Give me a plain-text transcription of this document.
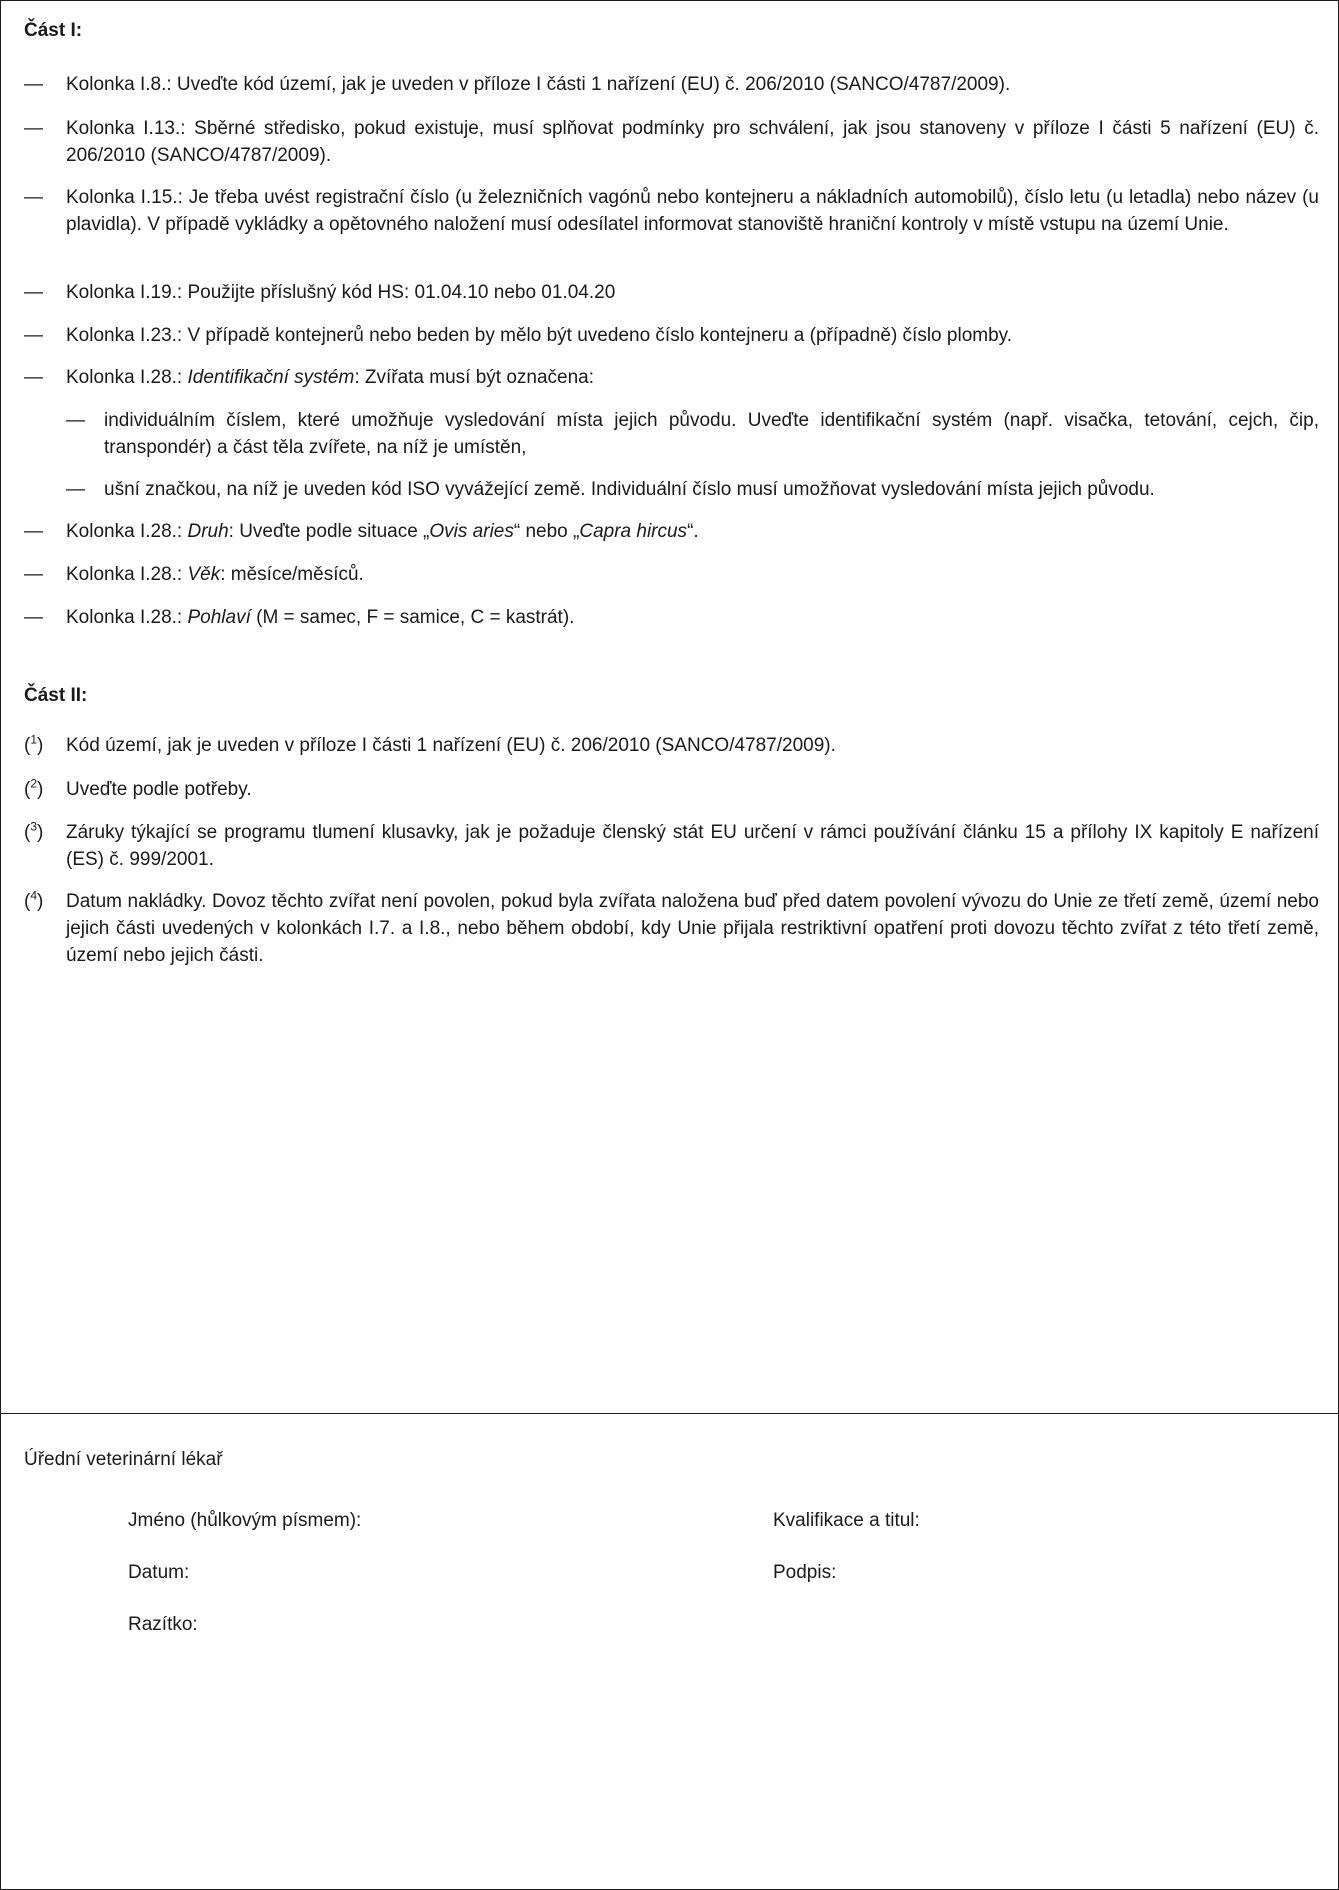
Část I:
— Kolonka I.8.: Uveďte kód území, jak je uveden v příloze I části 1 nařízení (EU) č. 206/2010 (SANCO/4787/2009).
— Kolonka I.13.: Sběrné středisko, pokud existuje, musí splňovat podmínky pro schválení, jak jsou stanoveny v příloze I části 5 nařízení (EU) č. 206/2010 (SANCO/4787/2009).
— Kolonka I.15.: Je třeba uvést registrační číslo (u železničních vagónů nebo kontejneru a nákladních automobilů), číslo letu (u letadla) nebo název (u plavidla). V případě vykládky a opětovného naložení musí odesílatel informovat stanoviště hraniční kontroly v místě vstupu na území Unie.
— Kolonka I.19.: Použijte příslušný kód HS: 01.04.10 nebo 01.04.20
— Kolonka I.23.: V případě kontejnerů nebo beden by mělo být uvedeno číslo kontejneru a (případně) číslo plomby.
— Kolonka I.28.: Identifikační systém: Zvířata musí být označena:
— individuálním číslem, které umožňuje vysledování místa jejich původu. Uveďte identifikační systém (např. visačka, tetování, cejch, čip, transpondér) a část těla zvířete, na níž je umístěn,
— ušní značkou, na níž je uveden kód ISO vyvážející země. Individuální číslo musí umožňovat vysledování místa jejich původu.
— Kolonka I.28.: Druh: Uveďte podle situace „Ovis aries“ nebo „Capra hircus“.
— Kolonka I.28.: Věk: měsíce/měsíců.
— Kolonka I.28.: Pohlaví (M = samec, F = samice, C = kastrát).
Část II:
($^1$) Kód území, jak je uveden v příloze I části 1 nařízení (EU) č. 206/2010 (SANCO/4787/2009).
($^2$) Uveďte podle potřeby.
($^3$) Záruky týkající se programu tlumení klusavky, jak je požaduje členský stát EU určení v rámci používání článku 15 a přílohy IX kapitoly E nařízení (ES) č. 999/2001.
($^4$) Datum nakládky. Dovoz těchto zvířat není povolen, pokud byla zvířata naložena buď před datem povolení vývozu do Unie ze třetí země, území nebo jejich části uvedených v kolonkách I.7. a I.8., nebo během období, kdy Unie přijala restriktivní opatření proti dovozu těchto zvířat z této třetí země, území nebo jejich části.
Úřední veterinární lékař
Jméno (hůlkovým písmem):	Kvalifikace a titul:
Datum:	Podpis:
Razítko:
